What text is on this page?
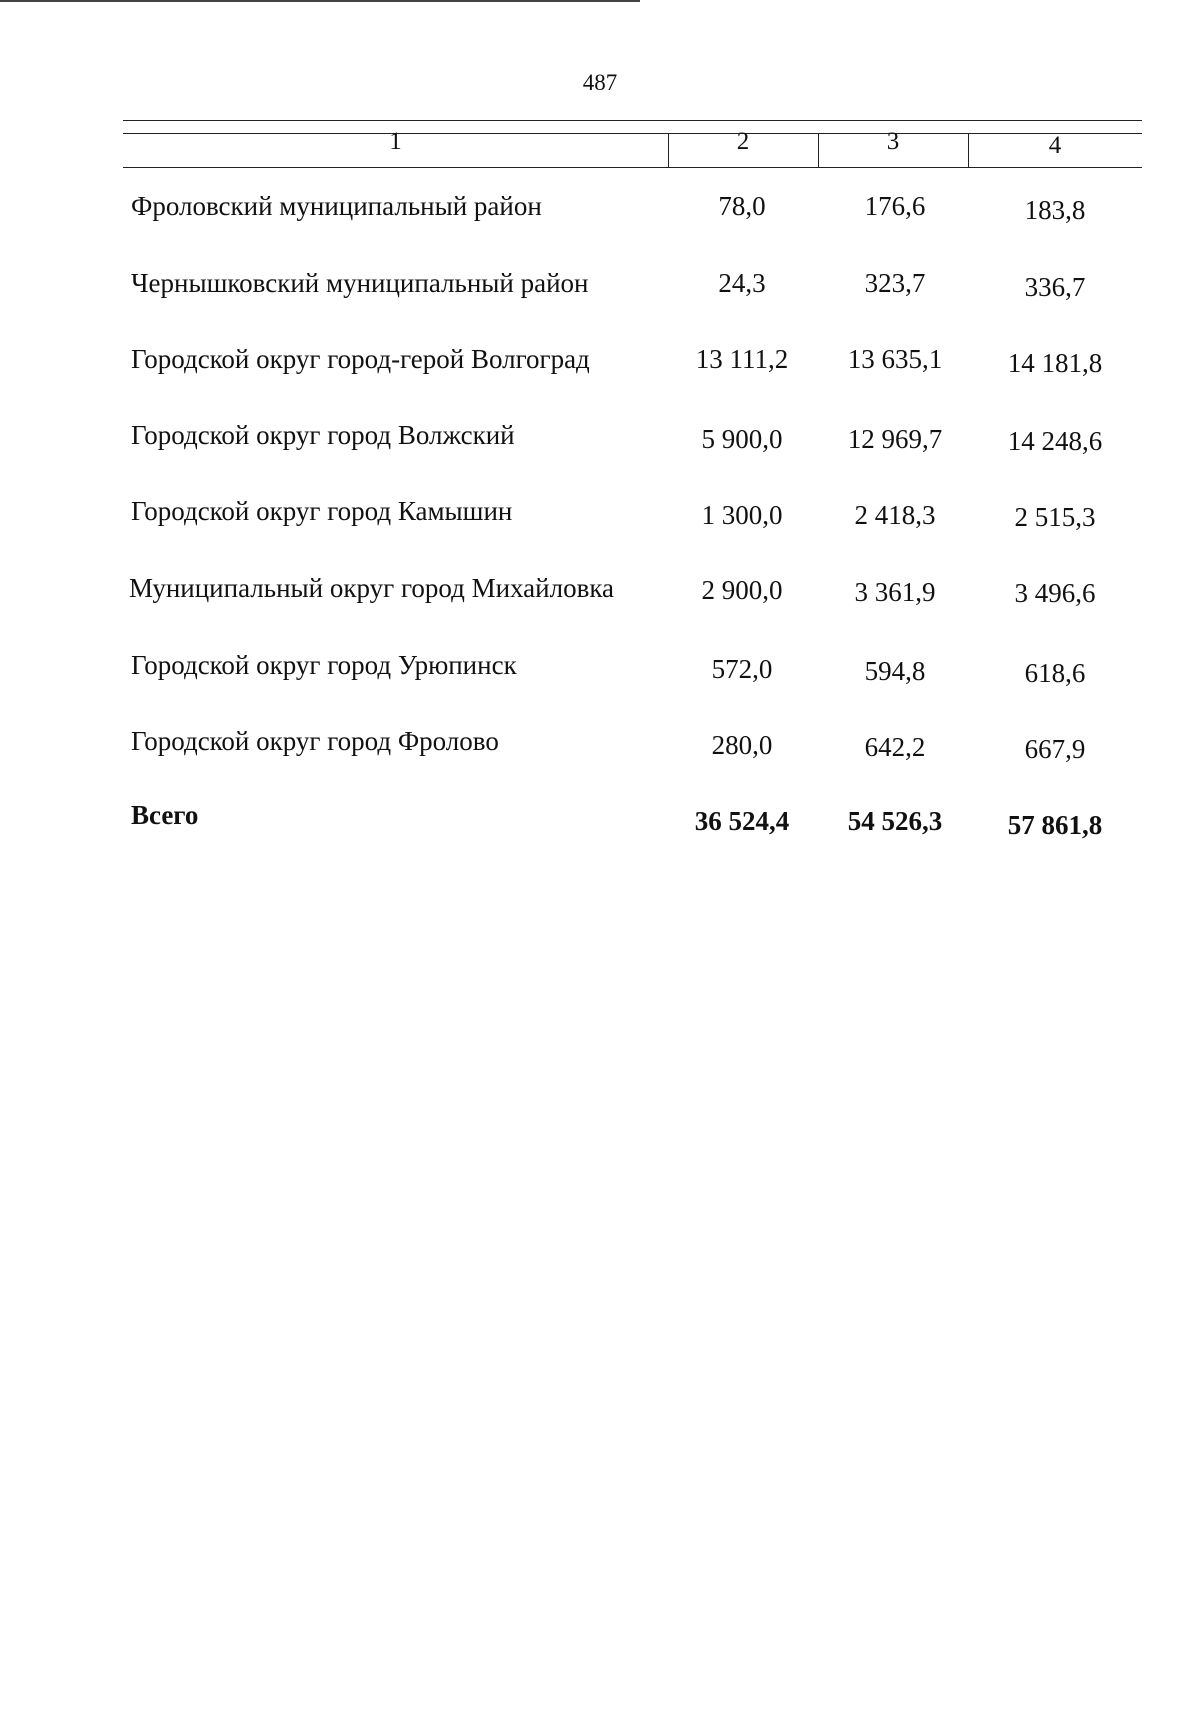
487
1	2	3	4
Фроловский муниципальный район	78,0	176,6	183,8
Чернышковский муниципальный район	24,3	323,7	336,7
Городской округ город-герой Волгоград	13 111,2	13 635,1	14 181,8
Городской округ город Волжский	5 900,0	12 969,7	14 248,6
Городской округ город Камышин	1 300,0	2 418,3	2 515,3
Муниципальный округ город Михайловка	2 900,0	3 361,9	3 496,6
Городской округ город Урюпинск	572,0	594,8	618,6
Городской округ город Фролово	280,0	642,2	667,9
Всего	36 524,4	54 526,3	57 861,8
